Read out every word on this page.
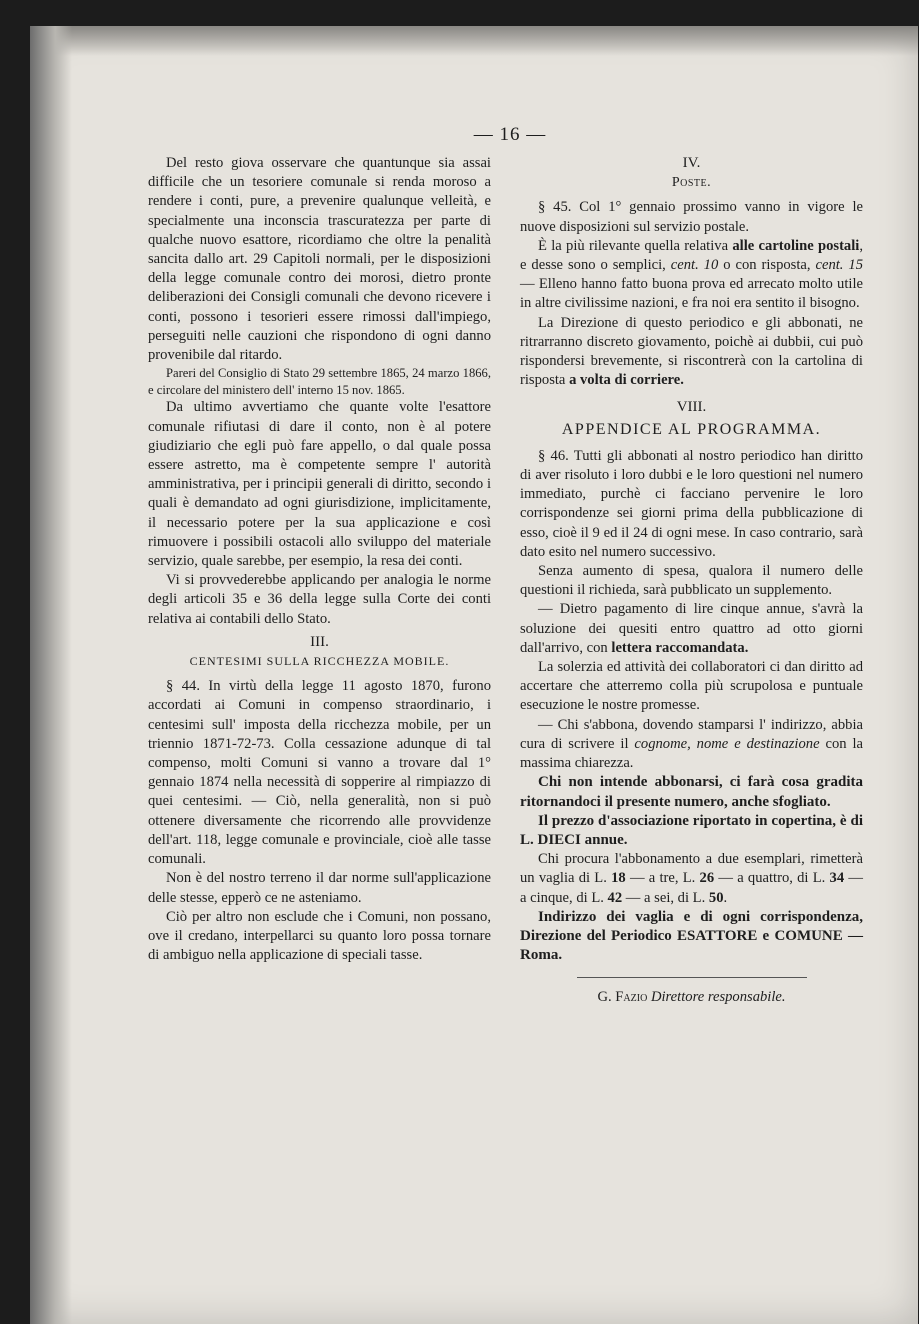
— 16 —

Del resto giova osservare che quantunque sia assai difficile che un tesoriere comunale si renda moroso a rendere i conti, pure, a prevenire qualunque velleità, e specialmente una inconscia trascuratezza per parte di qualche nuovo esattore, ricordiamo che oltre la penalità sancita dallo art. 29 Capitoli normali, per le disposizioni della legge comunale contro dei morosi, dietro pronte deliberazioni dei Consigli comunali che devono ricevere i conti, possono i tesorieri essere rimossi dall'impiego, perseguiti nelle cauzioni che rispondono di ogni danno provenibile dal ritardo.

Pareri del Consiglio di Stato 29 settembre 1865, 24 marzo 1866, e circolare del ministero dell' interno 15 nov. 1865.

Da ultimo avvertiamo che quante volte l'esattore comunale rifiutasi di dare il conto, non è al potere giudiziario che egli può fare appello, o dal quale possa essere astretto, ma è competente sempre l' autorità amministrativa, per i principii generali di diritto, secondo i quali è demandato ad ogni giurisdizione, implicitamente, il necessario potere per la sua applicazione e così rimuovere i possibili ostacoli allo sviluppo del materiale servizio, quale sarebbe, per esempio, la resa dei conti.

Vi si provvederebbe applicando per analogia le norme degli articoli 35 e 36 della legge sulla Corte dei conti relativa ai contabili dello Stato.

III.
CENTESIMI SULLA RICCHEZZA MOBILE.

§ 44. In virtù della legge 11 agosto 1870, furono accordati ai Comuni in compenso straordinario, i centesimi sull' imposta della ricchezza mobile, per un triennio 1871-72-73. Colla cessazione adunque di tal compenso, molti Comuni si vanno a trovare dal 1° gennaio 1874 nella necessità di sopperire al rimpiazzo di quei centesimi. — Ciò, nella generalità, non si può ottenere diversamente che ricorrendo alle provvidenze dell'art. 118, legge comunale e provinciale, cioè alle tasse comunali.

Non è del nostro terreno il dar norme sull'applicazione delle stesse, epperò ce ne asteniamo.

Ciò per altro non esclude che i Comuni, non possano, ove il credano, interpellarci su quanto loro possa tornare di ambiguo nella applicazione di speciali tasse.

IV.
Poste.

§ 45. Col 1° gennaio prossimo vanno in vigore le nuove disposizioni sul servizio postale.

È la più rilevante quella relativa alle cartoline postali, e desse sono o semplici, cent. 10 o con risposta, cent. 15 — Elleno hanno fatto buona prova ed arrecato molto utile in altre civilissime nazioni, e fra noi era sentito il bisogno.

La Direzione di questo periodico e gli abbonati, ne ritrarranno discreto giovamento, poichè ai dubbii, cui può rispondersi brevemente, si riscontrerà con la cartolina di risposta a volta di corriere.

VIII.
APPENDICE AL PROGRAMMA.

§ 46. Tutti gli abbonati al nostro periodico han diritto di aver risoluto i loro dubbi e le loro questioni nel numero immediato, purchè ci facciano pervenire le loro corrispondenze sei giorni prima della pubblicazione di esso, cioè il 9 ed il 24 di ogni mese. In caso contrario, sarà dato esito nel numero successivo.

Senza aumento di spesa, qualora il numero delle questioni il richieda, sarà pubblicato un supplemento.

— Dietro pagamento di lire cinque annue, s'avrà la soluzione dei quesiti entro quattro ad otto giorni dall'arrivo, con lettera raccomandata.

La solerzia ed attività dei collaboratori ci dan diritto ad accertare che atterremo colla più scrupolosa e puntuale esecuzione le nostre promesse.

— Chi s'abbona, dovendo stamparsi l' indirizzo, abbia cura di scrivere il cognome, nome e destinazione con la massima chiarezza.

Chi non intende abbonarsi, ci farà cosa gradita ritornandoci il presente numero, anche sfogliato.

Il prezzo d'associazione riportato in copertina, è di L. DIECI annue.

Chi procura l'abbonamento a due esemplari, rimetterà un vaglia di L. 18 — a tre, L. 26 — a quattro, di L. 34 — a cinque, di L. 42 — a sei, di L. 50.

Indirizzo dei vaglia e di ogni corrispondenza, Direzione del Periodico ESATTORE e COMUNE — Roma.

G. Fazio Direttore responsabile.
